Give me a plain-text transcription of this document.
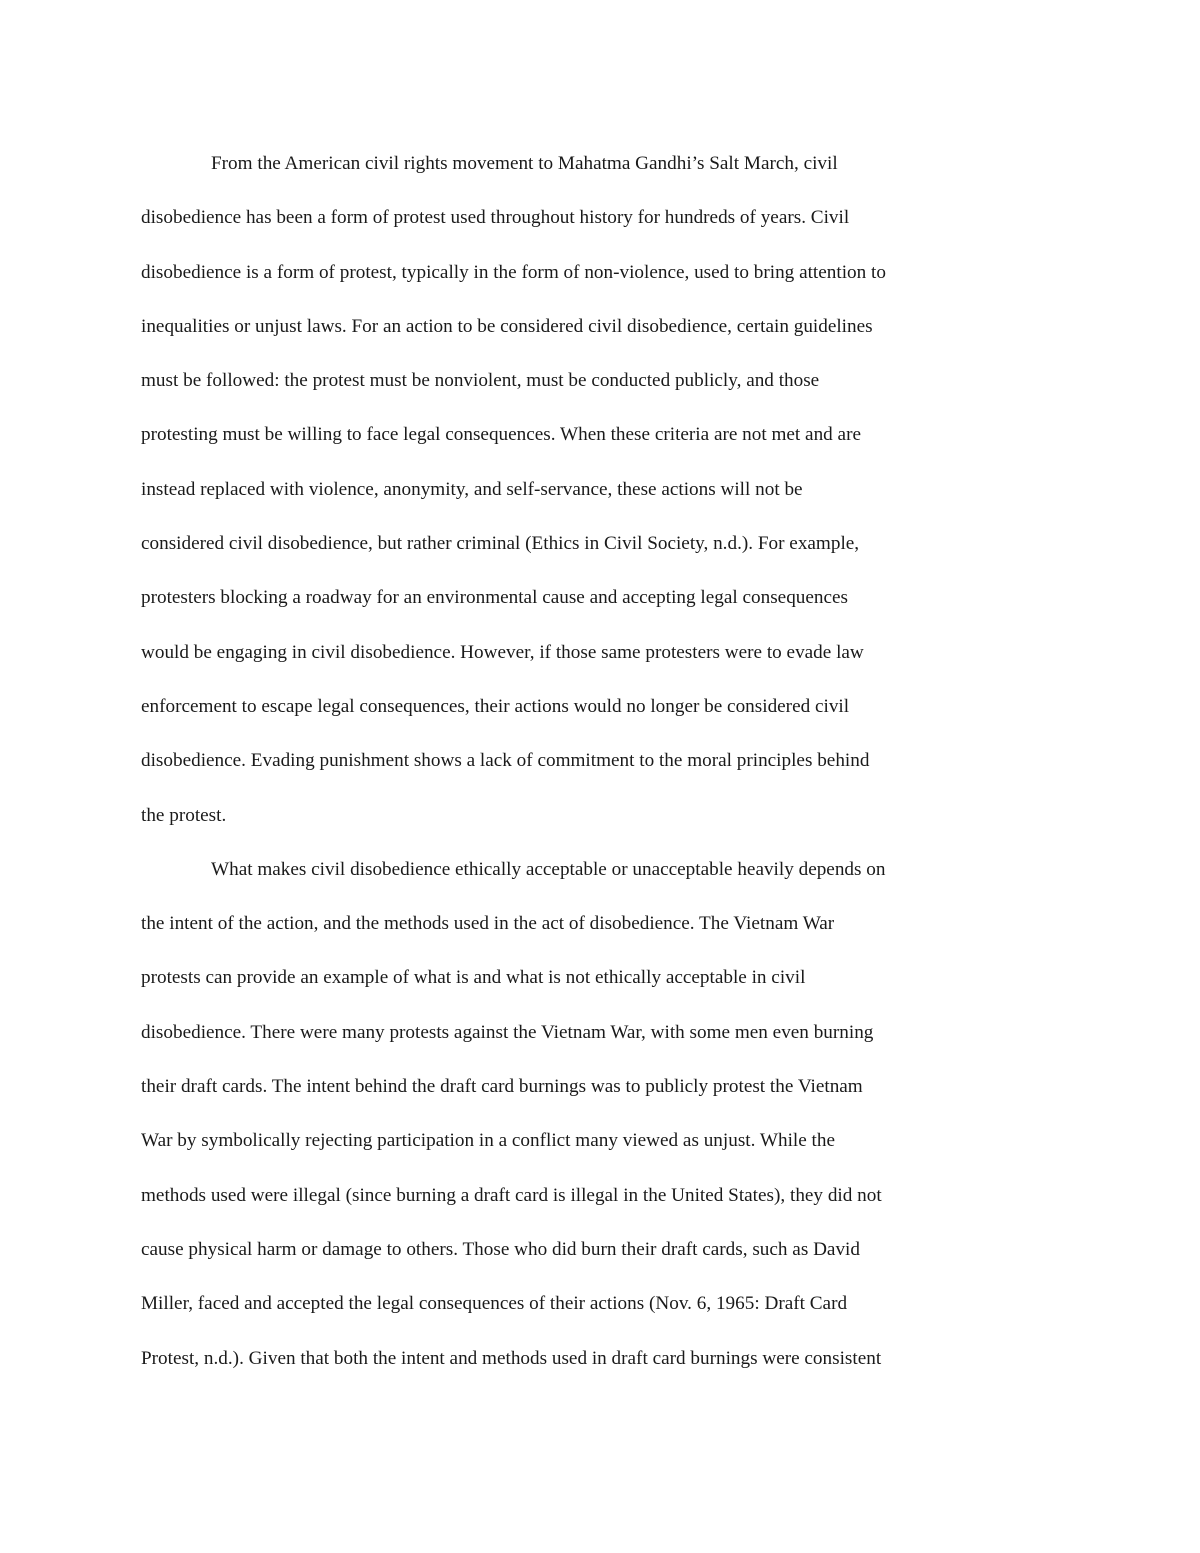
From the American civil rights movement to Mahatma Gandhi’s Salt March, civil
disobedience has been a form of protest used throughout history for hundreds of years. Civil
disobedience is a form of protest, typically in the form of non-violence, used to bring attention to
inequalities or unjust laws. For an action to be considered civil disobedience, certain guidelines
must be followed: the protest must be nonviolent, must be conducted publicly, and those
protesting must be willing to face legal consequences. When these criteria are not met and are
instead replaced with violence, anonymity, and self-servance, these actions will not be
considered civil disobedience, but rather criminal (Ethics in Civil Society, n.d.). For example,
protesters blocking a roadway for an environmental cause and accepting legal consequences
would be engaging in civil disobedience. However, if those same protesters were to evade law
enforcement to escape legal consequences, their actions would no longer be considered civil
disobedience. Evading punishment shows a lack of commitment to the moral principles behind
the protest.
What makes civil disobedience ethically acceptable or unacceptable heavily depends on
the intent of the action, and the methods used in the act of disobedience. The Vietnam War
protests can provide an example of what is and what is not ethically acceptable in civil
disobedience. There were many protests against the Vietnam War, with some men even burning
their draft cards. The intent behind the draft card burnings was to publicly protest the Vietnam
War by symbolically rejecting participation in a conflict many viewed as unjust. While the
methods used were illegal (since burning a draft card is illegal in the United States), they did not
cause physical harm or damage to others. Those who did burn their draft cards, such as David
Miller, faced and accepted the legal consequences of their actions (Nov. 6, 1965: Draft Card
Protest, n.d.). Given that both the intent and methods used in draft card burnings were consistent
